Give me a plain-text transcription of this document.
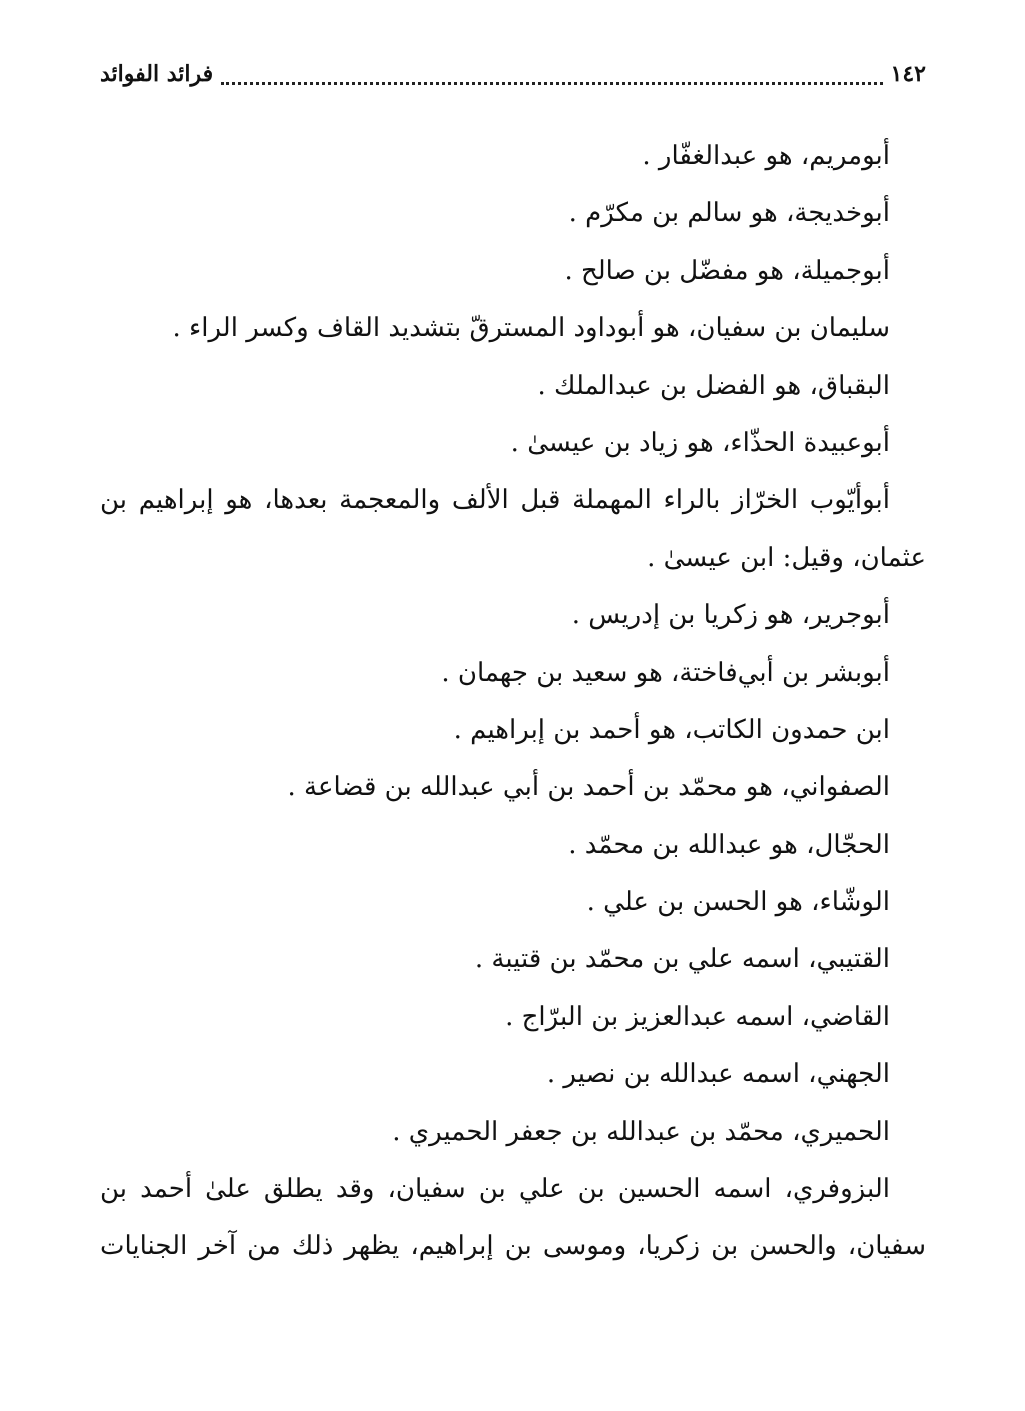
١٤٢
فرائد الفوائد
أبومريم، هو عبدالغفّار .
أبوخديجة، هو سالم بن مكرّم .
أبوجميلة، هو مفضّل بن صالح .
سليمان بن سفيان، هو أبوداود المسترقّ بتشديد القاف وكسر الراء .
البقباق، هو الفضل بن عبدالملك .
أبوعبيدة الحذّاء، هو زياد بن عيسىٰ .
أبوأيّوب الخرّاز بالراء المهملة قبل الألف والمعجمة بعدها، هو إبراهيم بن
عثمان، وقيل: ابن عيسىٰ .
أبوجرير، هو زكريا بن إدريس .
أبوبشر بن أبي‌فاختة، هو سعيد بن جهمان .
ابن حمدون الكاتب، هو أحمد بن إبراهيم .
الصفواني، هو محمّد بن أحمد بن أبي عبدالله بن قضاعة .
الحجّال، هو عبدالله بن محمّد .
الوشّاء، هو الحسن بن علي .
القتيبي، اسمه علي بن محمّد بن قتيبة .
القاضي، اسمه عبدالعزيز بن البرّاج .
الجهني، اسمه عبدالله بن نصير .
الحميري، محمّد بن عبدالله بن جعفر الحميري .
البزوفري، اسمه الحسين بن علي بن سفيان، وقد يطلق علىٰ أحمد بن
سفيان، والحسن بن زكريا، وموسى بن إبراهيم، يظهر ذلك من آخر الجنايات
